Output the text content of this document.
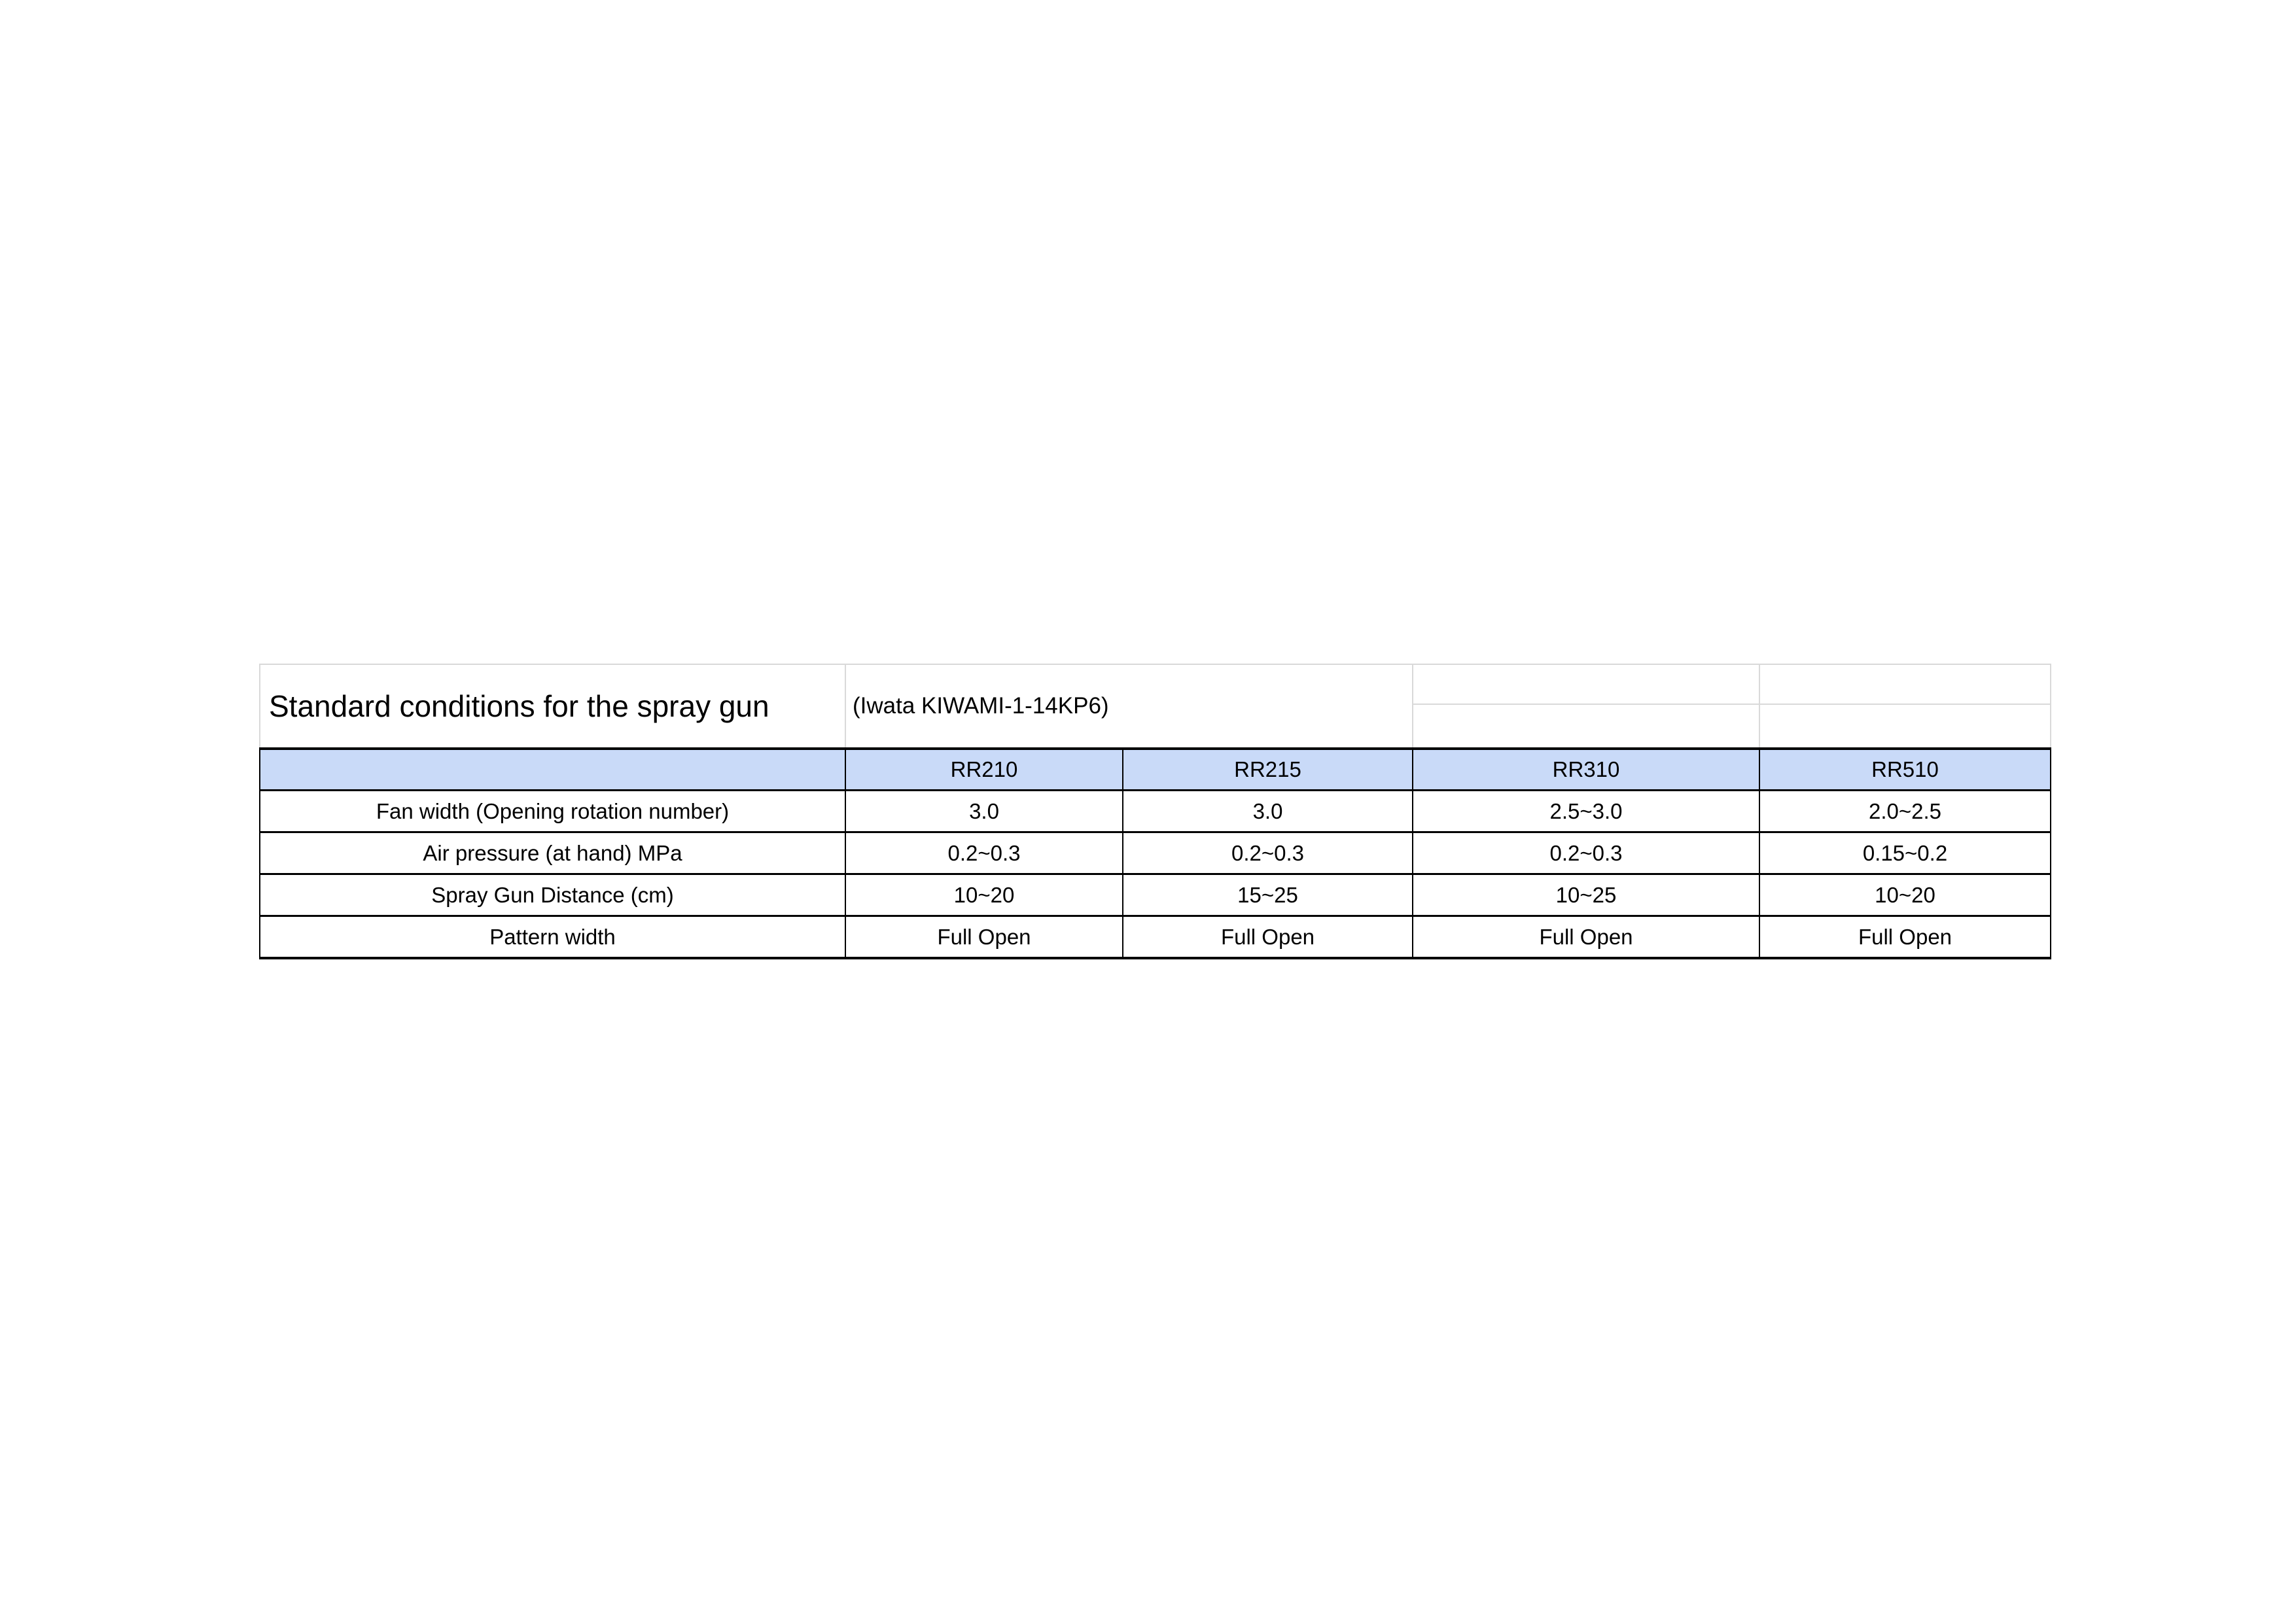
Standard conditions for the spray gun	(Iwata KIWAMI-1-14KP6)			

	RR210	RR215	RR310	RR510
Fan width (Opening rotation number)	3.0	3.0	2.5~3.0	2.0~2.5
Air pressure (at hand) MPa	0.2~0.3	0.2~0.3	0.2~0.3	0.15~0.2
Spray Gun Distance (cm)	10~20	15~25	10~25	10~20
Pattern width	Full Open	Full Open	Full Open	Full Open
